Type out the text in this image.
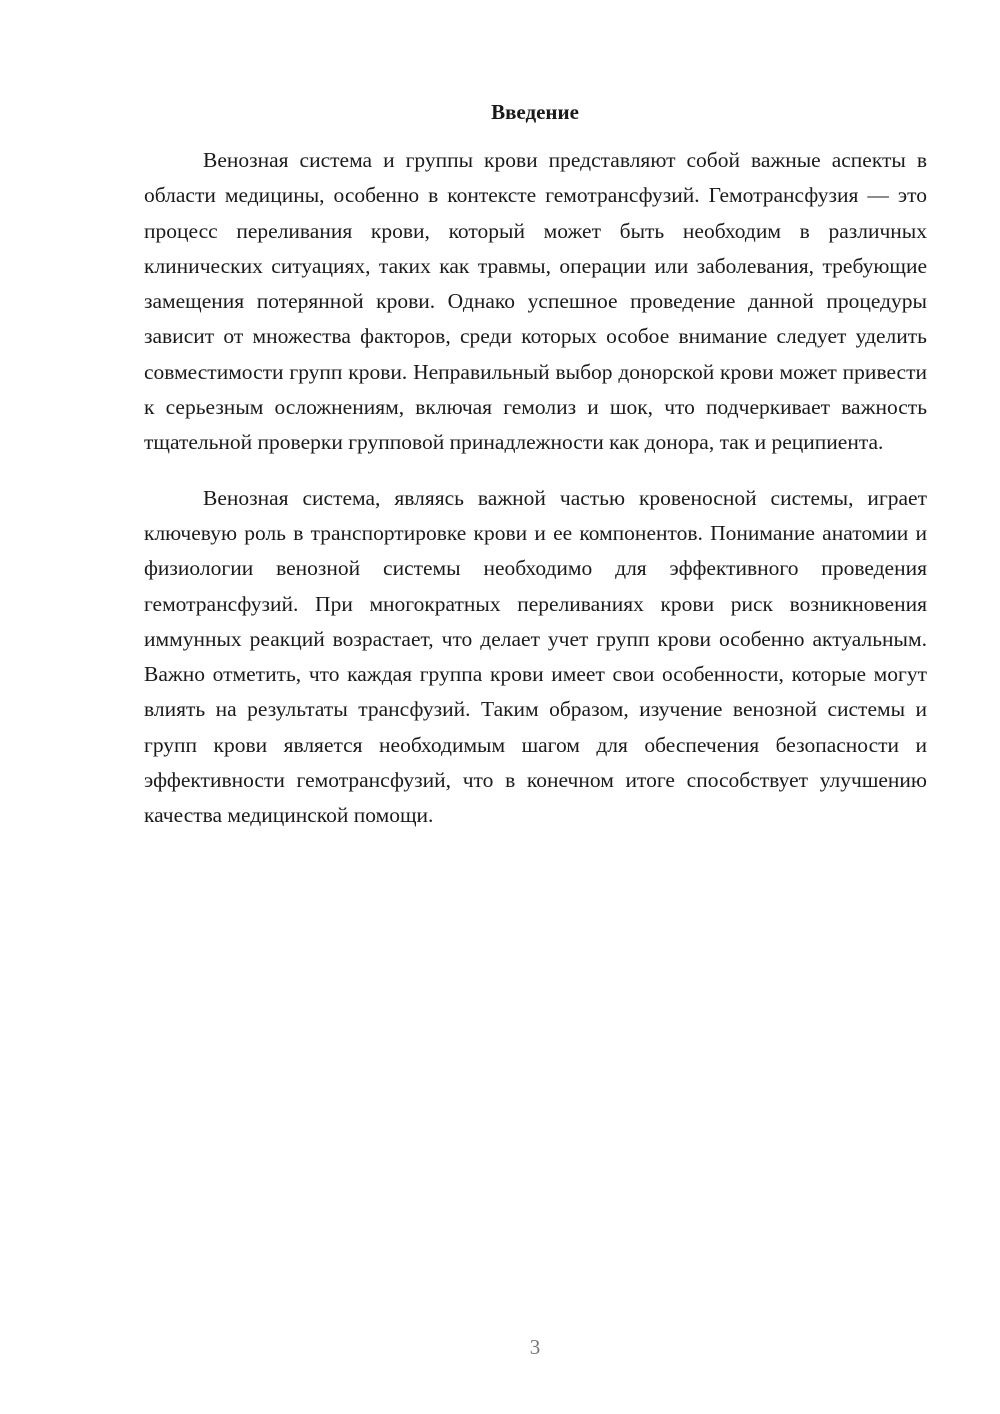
Введение

Венозная система и группы крови представляют собой важные аспекты в области медицины, особенно в контексте гемотрансфузий. Гемотрансфузия — это процесс переливания крови, который может быть необходим в различных клинических ситуациях, таких как травмы, операции или заболевания, требующие замещения потерянной крови. Однако успешное проведение данной процедуры зависит от множества факторов, среди которых особое внимание следует уделить совместимости групп крови. Неправильный выбор донорской крови может привести к серьезным осложнениям, включая гемолиз и шок, что подчеркивает важность тщательной проверки групповой принадлежности как донора, так и реципиента.

Венозная система, являясь важной частью кровеносной системы, играет ключевую роль в транспортировке крови и ее компонентов. Понимание анатомии и физиологии венозной системы необходимо для эффективного проведения гемотрансфузий. При многократных переливаниях крови риск возникновения иммунных реакций возрастает, что делает учет групп крови особенно актуальным. Важно отметить, что каждая группа крови имеет свои особенности, которые могут влиять на результаты трансфузий. Таким образом, изучение венозной системы и групп крови является необходимым шагом для обеспечения безопасности и эффективности гемотрансфузий, что в конечном итоге способствует улучшению качества медицинской помощи.

3
